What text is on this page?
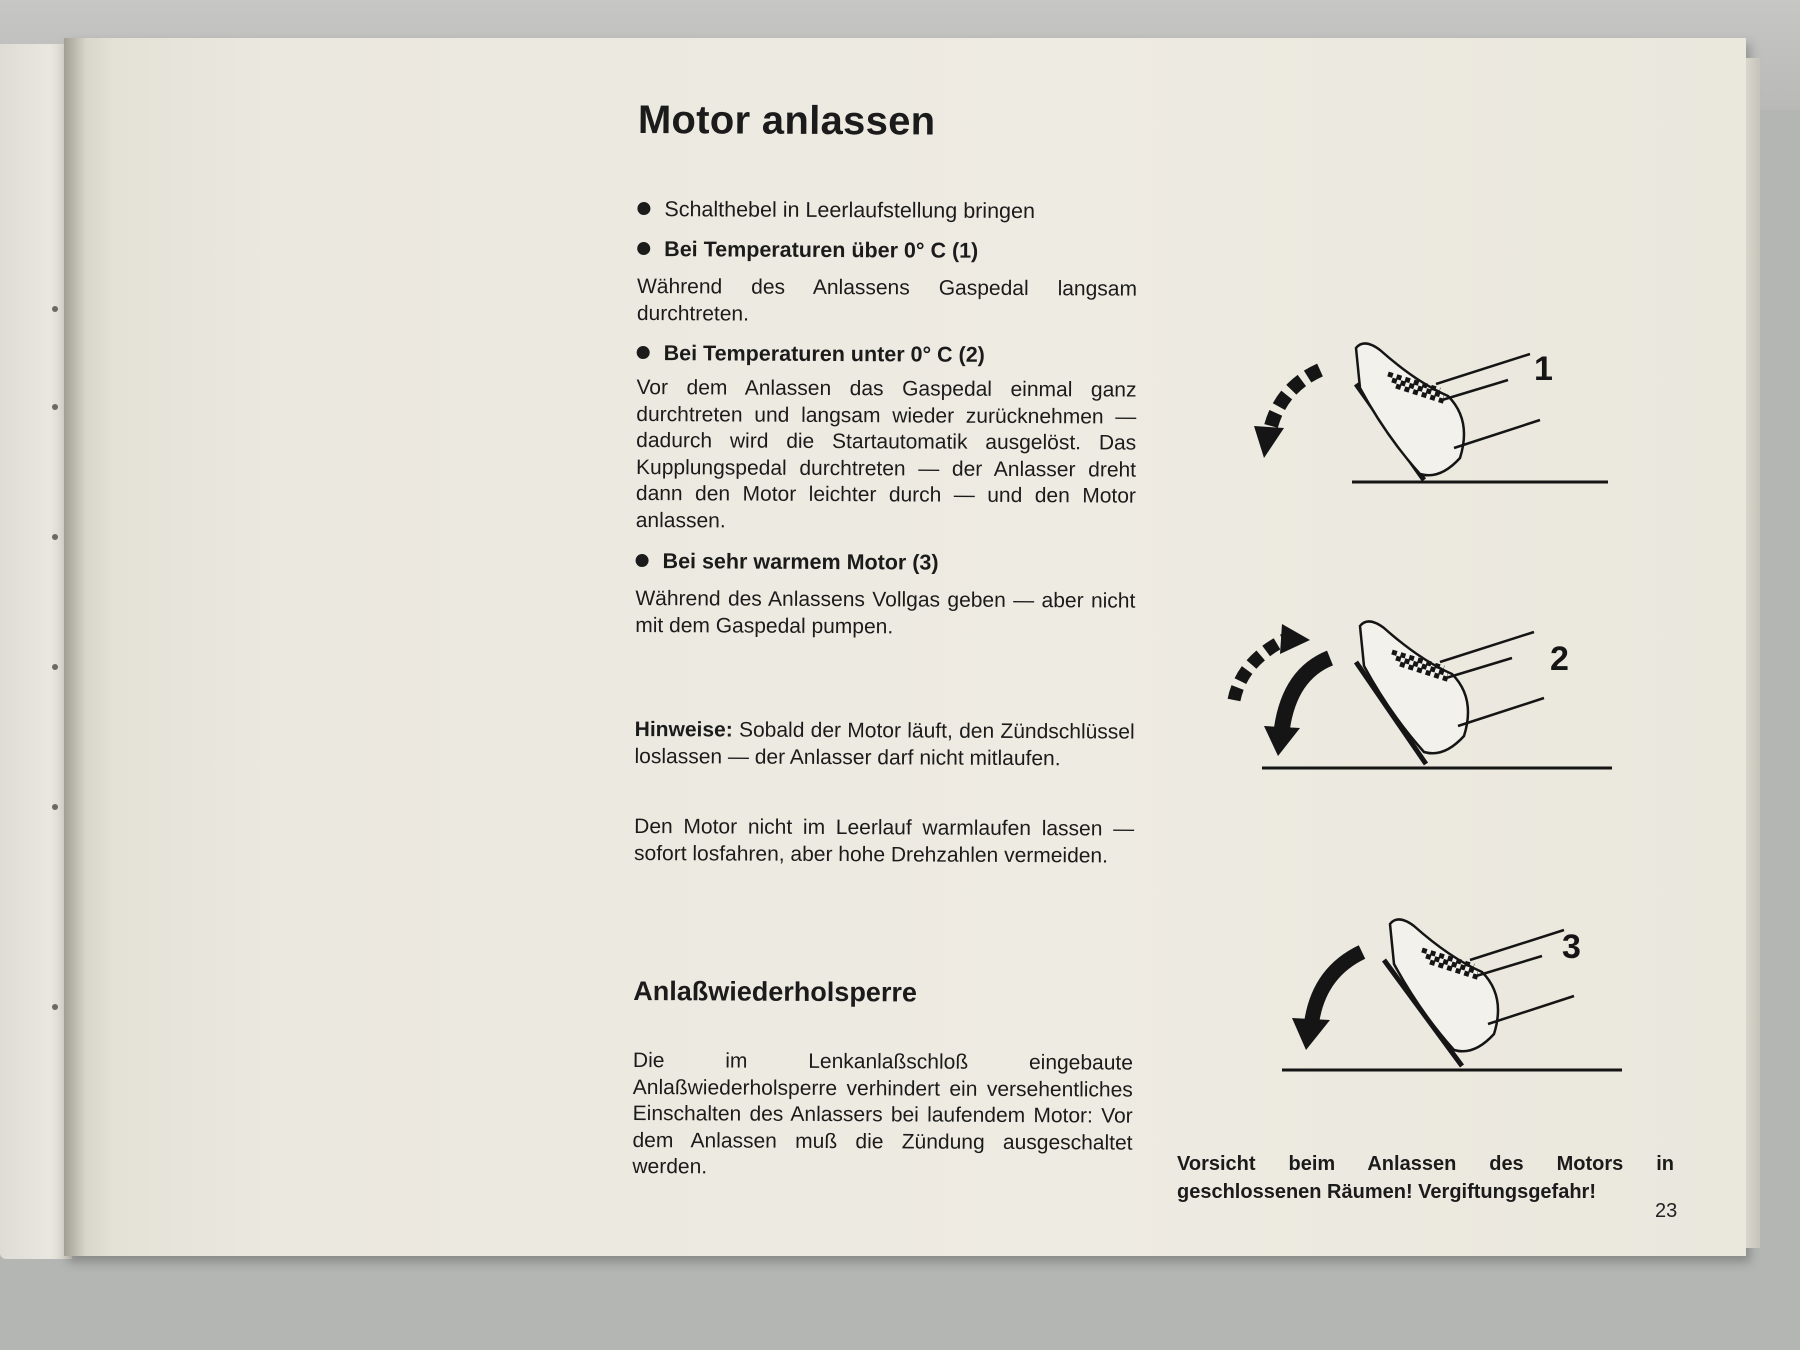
Motor anlassen

Schalthebel in Leerlaufstellung bringen

Bei Temperaturen über 0° C (1)

Während des Anlassens Gaspedal langsam durchtreten.

Bei Temperaturen unter 0° C (2)

Vor dem Anlassen das Gaspedal einmal ganz durchtreten und langsam wieder zurücknehmen — dadurch wird die Startautomatik ausgelöst. Das Kupplungspedal durchtreten — der Anlasser dreht dann den Motor leichter durch — und den Motor anlassen.

Bei sehr warmem Motor (3)

Während des Anlassens Vollgas geben — aber nicht mit dem Gaspedal pumpen.

Hinweise: Sobald der Motor läuft, den Zündschlüssel loslassen — der Anlasser darf nicht mitlaufen.

Den Motor nicht im Leerlauf warmlaufen lassen — sofort losfahren, aber hohe Drehzahlen vermeiden.

Anlaßwiederholsperre

Die im Lenkanlaßschloß eingebaute Anlaßwiederholsperre verhindert ein versehentliches Einschalten des Anlassers bei laufendem Motor: Vor dem Anlassen muß die Zündung ausgeschaltet werden.

1
2
3

Vorsicht beim Anlassen des Motors in geschlossenen Räumen! Vergiftungsgefahr!

23
